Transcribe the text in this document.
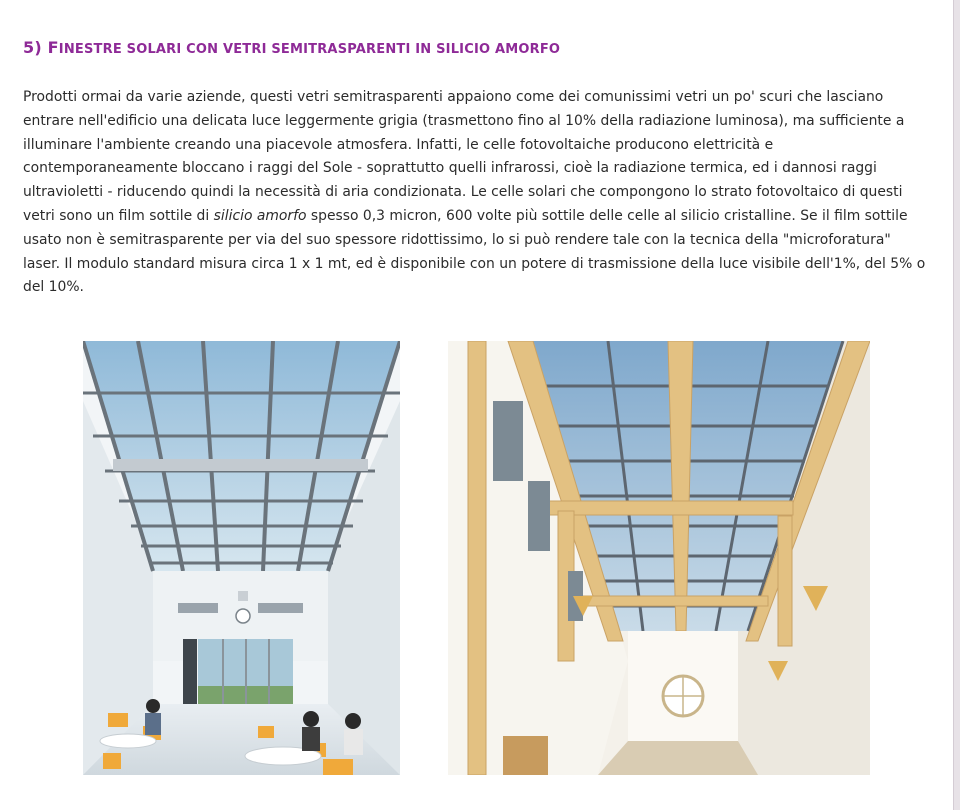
5) FINESTRE SOLARI CON VETRI SEMITRASPARENTI IN SILICIO AMORFO

Prodotti ormai da varie aziende, questi vetri semitrasparenti appaiono come dei comunissimi vetri un po' scuri che lasciano entrare nell'edificio una delicata luce leggermente grigia (trasmettono fino al 10% della radiazione luminosa), ma sufficiente a illuminare l'ambiente creando una piacevole atmosfera. Infatti, le celle fotovoltaiche producono elettricità e contemporaneamente bloccano i raggi del Sole - soprattutto quelli infrarossi, cioè la radiazione termica, ed i dannosi raggi ultravioletti - riducendo quindi la necessità di aria condizionata. Le celle solari che compongono lo strato fotovoltaico di questi vetri sono un film sottile di silicio amorfo spesso 0,3 micron, 600 volte più sottile delle celle al silicio cristalline. Se il film sottile usato non è semitrasparente per via del suo spessore ridottissimo, lo si può rendere tale con la tecnica della "microforatura" laser. Il modulo standard misura circa 1 x 1 mt, ed è disponibile con un potere di trasmissione della luce visibile dell'1%, del 5% o del 10%.
